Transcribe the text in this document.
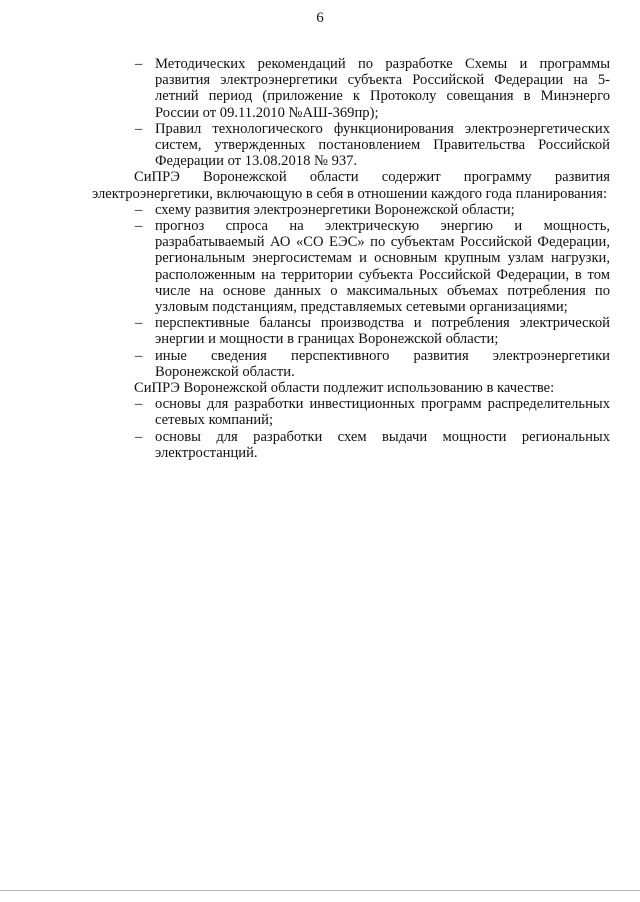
6
– Методических рекомендаций по разработке Схемы и программы развития электроэнергетики субъекта Российской Федерации на 5-летний период (приложение к Протоколу совещания в Минэнерго России от 09.11.2010 №АШ-369пр);
– Правил технологического функционирования электроэнергетических систем, утвержденных постановлением Правительства Российской Федерации от 13.08.2018 № 937.

СиПРЭ Воронежской области содержит программу развития электроэнергетики, включающую в себя в отношении каждого года планирования:

– схему развития электроэнергетики Воронежской области;
– прогноз спроса на электрическую энергию и мощность, разрабатываемый АО «СО ЕЭС» по субъектам Российской Федерации, региональным энергосистемам и основным крупным узлам нагрузки, расположенным на территории субъекта Российской Федерации, в том числе на основе данных о максимальных объемах потребления по узловым подстанциям, представляемых сетевыми организациями;
– перспективные балансы производства и потребления электрической энергии и мощности в границах Воронежской области;
– иные сведения перспективного развития электроэнергетики Воронежской области.

СиПРЭ Воронежской области подлежит использованию в качестве:

– основы для разработки инвестиционных программ распределительных сетевых компаний;
– основы для разработки схем выдачи мощности региональных электростанций.
